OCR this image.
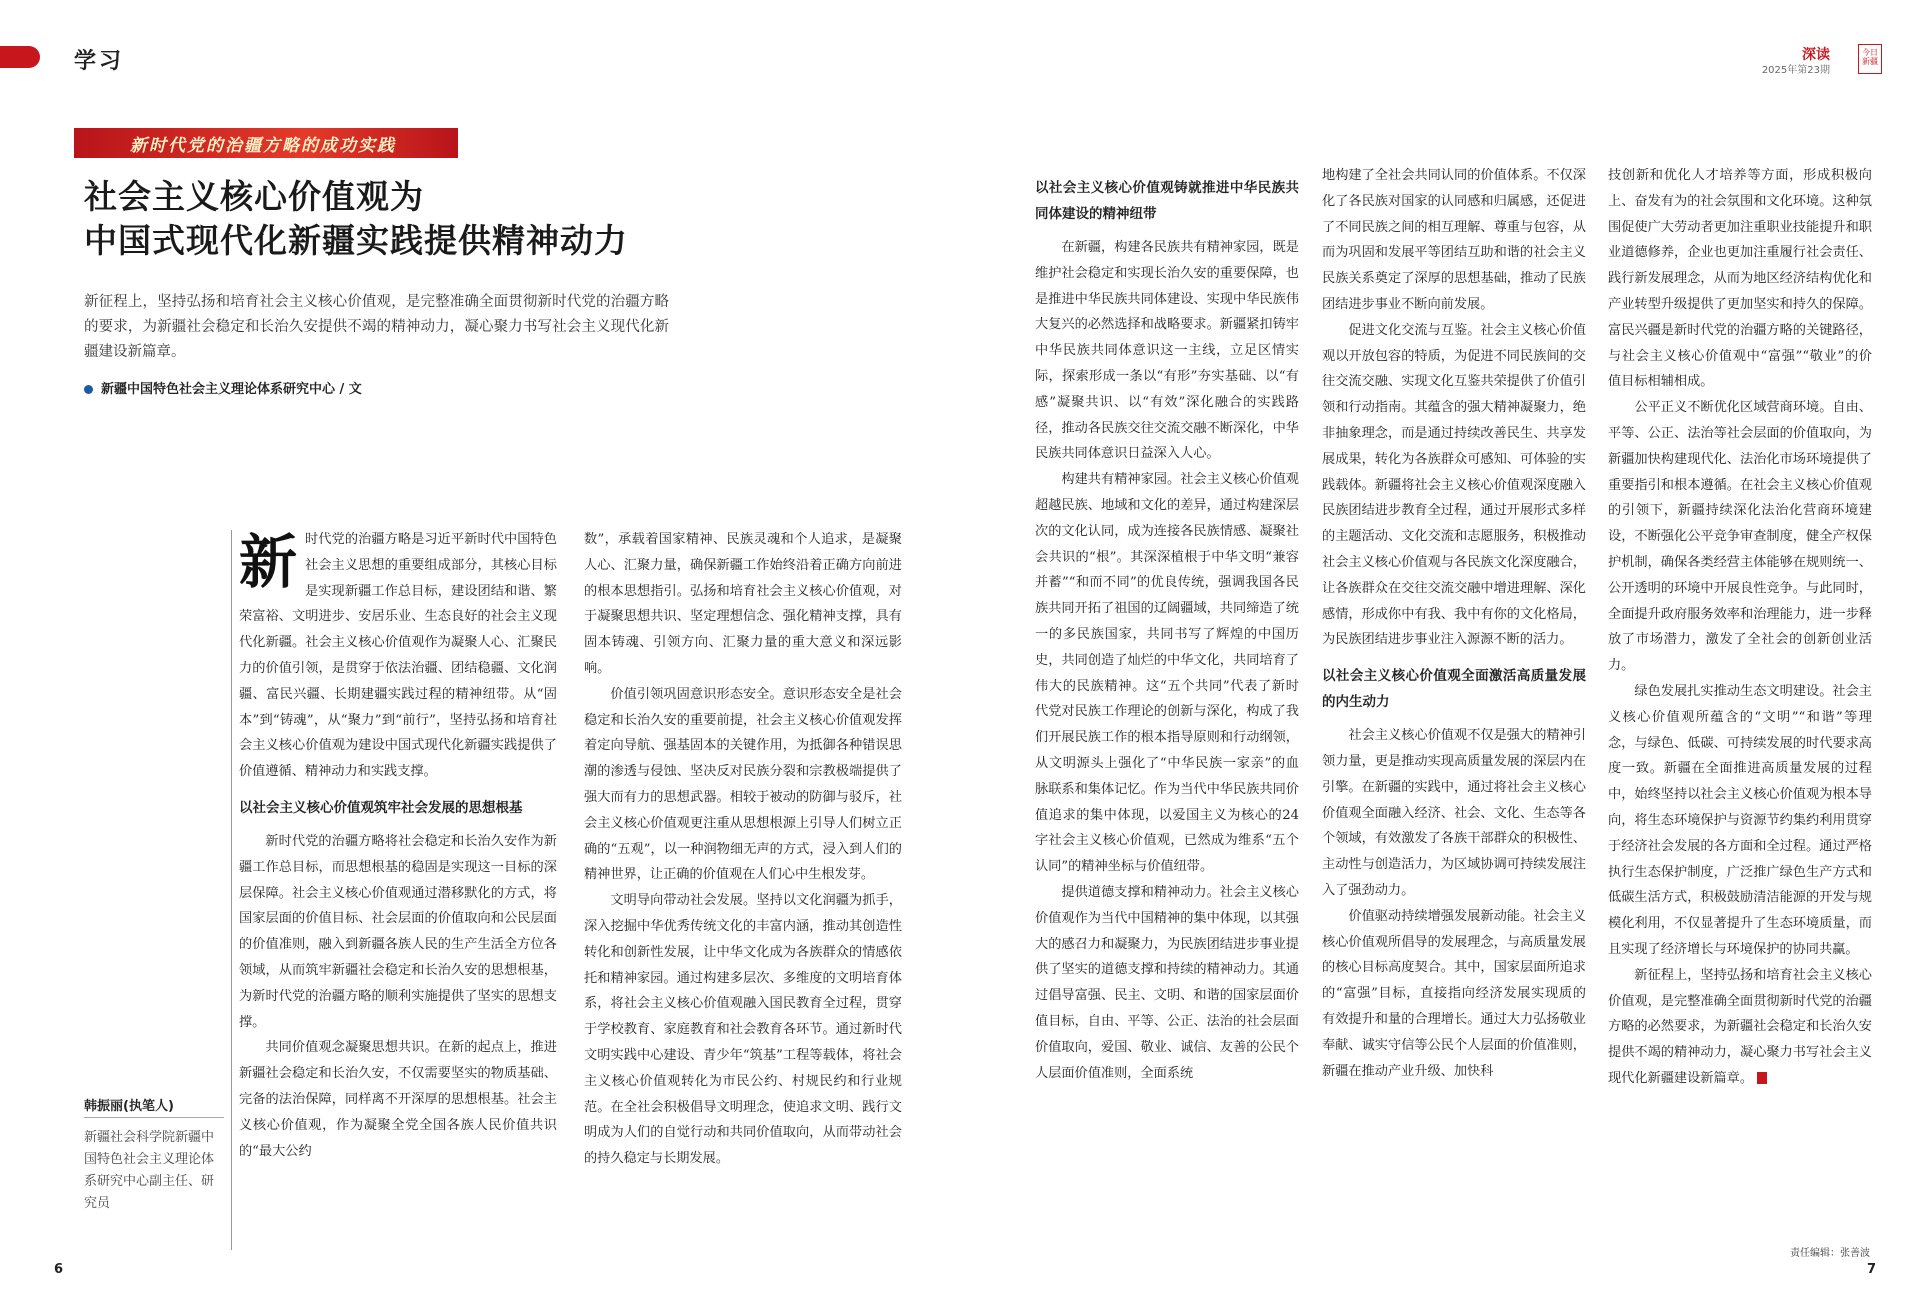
学习	深读
2025年第23期
今日
新疆
新时代党的治疆方略的成功实践
社会主义核心价值观为
中国式现代化新疆实践提供精神动力
新征程上，坚持弘扬和培育社会主义核心价值观，是完整准确全面贯彻新时代党的治疆方略的要求，为新疆社会稳定和长治久安提供不竭的精神动力，凝心聚力书写社会主义现代化新疆建设新篇章。
新疆中国特色社会主义理论体系研究中心 / 文
韩振丽(执笔人)
新疆社会科学院新疆中国特色社会主义理论体系研究中心副主任、研究员
新 时代党的治疆方略是习近平新时代中国特色社会主义思想的重要组成部分，其核心目标是实现新疆工作总目标，建设团结和谐、繁荣富裕、文明进步、安居乐业、生态良好的社会主义现代化新疆。社会主义核心价值观作为凝聚人心、汇聚民力的价值引领，是贯穿于依法治疆、团结稳疆、文化润疆、富民兴疆、长期建疆实践过程的精神纽带。从“固本”到“铸魂”，从“聚力”到“前行”，坚持弘扬和培育社会主义核心价值观为建设中国式现代化新疆实践提供了价值遵循、精神动力和实践支撑。

以社会主义核心价值观筑牢社会发展的思想根基

新时代党的治疆方略将社会稳定和长治久安作为新疆工作总目标，而思想根基的稳固是实现这一目标的深层保障。社会主义核心价值观通过潜移默化的方式，将国家层面的价值目标、社会层面的价值取向和公民层面的价值准则，融入到新疆各族人民的生产生活全方位各领域，从而筑牢新疆社会稳定和长治久安的思想根基，为新时代党的治疆方略的顺利实施提供了坚实的思想支撑。

共同价值观念凝聚思想共识。在新的起点上，推进新疆社会稳定和长治久安，不仅需要坚实的物质基础、完备的法治保障，同样离不开深厚的思想根基。社会主义核心价值观，作为凝聚全党全国各族人民价值共识的“最大公约

数”，承载着国家精神、民族灵魂和个人追求，是凝聚人心、汇聚力量，确保新疆工作始终沿着正确方向前进的根本思想指引。弘扬和培育社会主义核心价值观，对于凝聚思想共识、坚定理想信念、强化精神支撑，具有固本铸魂、引领方向、汇聚力量的重大意义和深远影响。

价值引领巩固意识形态安全。意识形态安全是社会稳定和长治久安的重要前提，社会主义核心价值观发挥着定向导航、强基固本的关键作用，为抵御各种错误思潮的渗透与侵蚀、坚决反对民族分裂和宗教极端提供了强大而有力的思想武器。相较于被动的防御与驳斥，社会主义核心价值观更注重从思想根源上引导人们树立正确的“五观”，以一种润物细无声的方式，浸入到人们的精神世界，让正确的价值观在人们心中生根发芽。

文明导向带动社会发展。坚持以文化润疆为抓手，深入挖掘中华优秀传统文化的丰富内涵，推动其创造性转化和创新性发展，让中华文化成为各族群众的情感依托和精神家园。通过构建多层次、多维度的文明培育体系，将社会主义核心价值观融入国民教育全过程，贯穿于学校教育、家庭教育和社会教育各环节。通过新时代文明实践中心建设、青少年“筑基”工程等载体，将社会主义核心价值观转化为市民公约、村规民约和行业规范。在全社会积极倡导文明理念，使追求文明、践行文明成为人们的自觉行动和共同价值取向，从而带动社会的持久稳定与长期发展。

以社会主义核心价值观铸就推进中华民族共同体建设的精神纽带

在新疆，构建各民族共有精神家园，既是维护社会稳定和实现长治久安的重要保障，也是推进中华民族共同体建设、实现中华民族伟大复兴的必然选择和战略要求。新疆紧扣铸牢中华民族共同体意识这一主线，立足区情实际，探索形成一条以“有形”夯实基础、以“有感”凝聚共识、以“有效”深化融合的实践路径，推动各民族交往交流交融不断深化，中华民族共同体意识日益深入人心。

构建共有精神家园。社会主义核心价值观超越民族、地域和文化的差异，通过构建深层次的文化认同，成为连接各民族情感、凝聚社会共识的“根”。其深深植根于中华文明“兼容并蓄”“和而不同”的优良传统，强调我国各民族共同开拓了祖国的辽阔疆域，共同缔造了统一的多民族国家，共同书写了辉煌的中国历史，共同创造了灿烂的中华文化，共同培育了伟大的民族精神。这“五个共同”代表了新时代党对民族工作理论的创新与深化，构成了我们开展民族工作的根本指导原则和行动纲领，从文明源头上强化了“中华民族一家亲”的血脉联系和集体记忆。作为当代中华民族共同价值追求的集中体现，以爱国主义为核心的24字社会主义核心价值观，已然成为维系“五个认同”的精神坐标与价值纽带。

提供道德支撑和精神动力。社会主义核心价值观作为当代中国精神的集中体现，以其强大的感召力和凝聚力，为民族团结进步事业提供了坚实的道德支撑和持续的精神动力。其通过倡导富强、民主、文明、和谐的国家层面价值目标，自由、平等、公正、法治的社会层面价值取向，爱国、敬业、诚信、友善的公民个人层面价值准则，全面系统

地构建了全社会共同认同的价值体系。不仅深化了各民族对国家的认同感和归属感，还促进了不同民族之间的相互理解、尊重与包容，从而为巩固和发展平等团结互助和谐的社会主义民族关系奠定了深厚的思想基础，推动了民族团结进步事业不断向前发展。

促进文化交流与互鉴。社会主义核心价值观以开放包容的特质，为促进不同民族间的交往交流交融、实现文化互鉴共荣提供了价值引领和行动指南。其蕴含的强大精神凝聚力，绝非抽象理念，而是通过持续改善民生、共享发展成果，转化为各族群众可感知、可体验的实践载体。新疆将社会主义核心价值观深度融入民族团结进步教育全过程，通过开展形式多样的主题活动、文化交流和志愿服务，积极推动社会主义核心价值观与各民族文化深度融合，让各族群众在交往交流交融中增进理解、深化感情，形成你中有我、我中有你的文化格局，为民族团结进步事业注入源源不断的活力。

以社会主义核心价值观全面激活高质量发展的内生动力

社会主义核心价值观不仅是强大的精神引领力量，更是推动实现高质量发展的深层内在引擎。在新疆的实践中，通过将社会主义核心价值观全面融入经济、社会、文化、生态等各个领域，有效激发了各族干部群众的积极性、主动性与创造活力，为区域协调可持续发展注入了强劲动力。

价值驱动持续增强发展新动能。社会主义核心价值观所倡导的发展理念，与高质量发展的核心目标高度契合。其中，国家层面所追求的“富强”目标，直接指向经济发展实现质的有效提升和量的合理增长。通过大力弘扬敬业奉献、诚实守信等公民个人层面的价值准则，新疆在推动产业升级、加快科

技创新和优化人才培养等方面，形成积极向上、奋发有为的社会氛围和文化环境。这种氛围促使广大劳动者更加注重职业技能提升和职业道德修养，企业也更加注重履行社会责任、践行新发展理念，从而为地区经济结构优化和产业转型升级提供了更加坚实和持久的保障。富民兴疆是新时代党的治疆方略的关键路径，与社会主义核心价值观中“富强”“敬业”的价值目标相辅相成。

公平正义不断优化区域营商环境。自由、平等、公正、法治等社会层面的价值取向，为新疆加快构建现代化、法治化市场环境提供了重要指引和根本遵循。在社会主义核心价值观的引领下，新疆持续深化法治化营商环境建设，不断强化公平竞争审查制度，健全产权保护机制，确保各类经营主体能够在规则统一、公开透明的环境中开展良性竞争。与此同时，全面提升政府服务效率和治理能力，进一步释放了市场潜力，激发了全社会的创新创业活力。

绿色发展扎实推动生态文明建设。社会主义核心价值观所蕴含的“文明”“和谐”等理念，与绿色、低碳、可持续发展的时代要求高度一致。新疆在全面推进高质量发展的过程中，始终坚持以社会主义核心价值观为根本导向，将生态环境保护与资源节约集约利用贯穿于经济社会发展的各方面和全过程。通过严格执行生态保护制度，广泛推广绿色生产方式和低碳生活方式，积极鼓励清洁能源的开发与规模化利用，不仅显著提升了生态环境质量，而且实现了经济增长与环境保护的协同共赢。

新征程上，坚持弘扬和培育社会主义核心价值观，是完整准确全面贯彻新时代党的治疆方略的必然要求，为新疆社会稳定和长治久安提供不竭的精神动力，凝心聚力书写社会主义现代化新疆建设新篇章。

6	7
责任编辑：张善波
